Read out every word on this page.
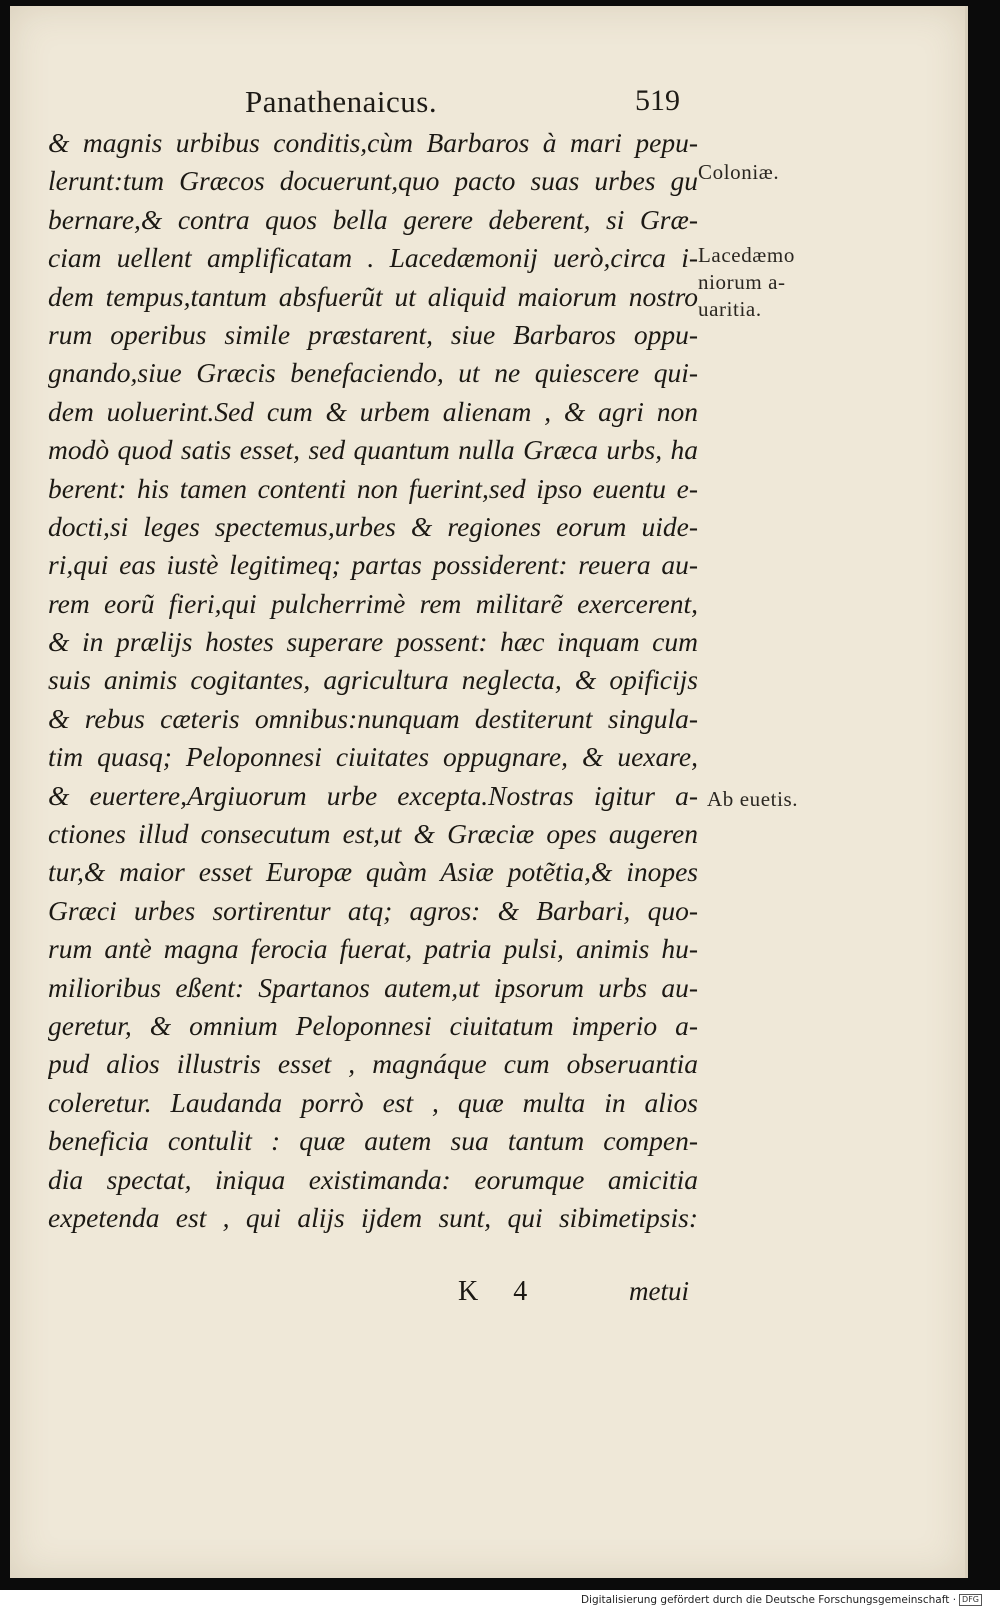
Panathenaicus.	519
& magnis urbibus conditis,cùm Barbaros à mari pepu-
lerunt:tum Græcos docuerunt,quo pacto suas urbes gu
bernare,& contra quos bella gerere deberent, si Græ-
ciam uellent amplificatam . Lacedæmonij uerò,circa i-
dem tempus,tantum absfuerũt ut aliquid maiorum nostro
rum operibus simile præstarent, siue Barbaros oppu-
gnando,siue Græcis benefaciendo, ut ne quiescere qui-
dem uoluerint.Sed cum & urbem alienam , & agri non
modò quod satis esset, sed quantum nulla Græca urbs, ha
berent: his tamen contenti non fuerint,sed ipso euentu e-
docti,si leges spectemus,urbes & regiones eorum uide-
ri,qui eas iustè legitimeq; partas possiderent: reuera au-
rem eorũ fieri,qui pulcherrimè rem militarẽ exercerent,
& in prælijs hostes superare possent: hæc inquam cum
suis animis cogitantes, agricultura neglecta, & opificijs
& rebus cæteris omnibus:nunquam destiterunt singula-
tim quasq; Peloponnesi ciuitates oppugnare, & uexare,
& euertere,Argiuorum urbe excepta.Nostras igitur a-
ctiones illud consecutum est,ut & Græciæ opes augeren
tur,& maior esset Europæ quàm Asiæ potẽtia,& inopes
Græci urbes sortirentur atq; agros: & Barbari, quo-
rum antè magna ferocia fuerat, patria pulsi, animis hu-
milioribus eßent: Spartanos autem,ut ipsorum urbs au-
geretur, & omnium Peloponnesi ciuitatum imperio a-
pud alios illustris esset , magnáque cum obseruantia
coleretur. Laudanda porrò est , quæ multa in alios
beneficia contulit : quæ autem sua tantum compen-
dia spectat, iniqua existimanda: eorumque amicitia
expetenda est , qui alijs ijdem sunt, qui sibimetipsis:
Coloniæ.
Lacedæmo
niorum a-
uaritia.
Ab euetis.
K 4	metui
Digitalisierung gefördert durch die Deutsche Forschungsgemeinschaft · DFG
